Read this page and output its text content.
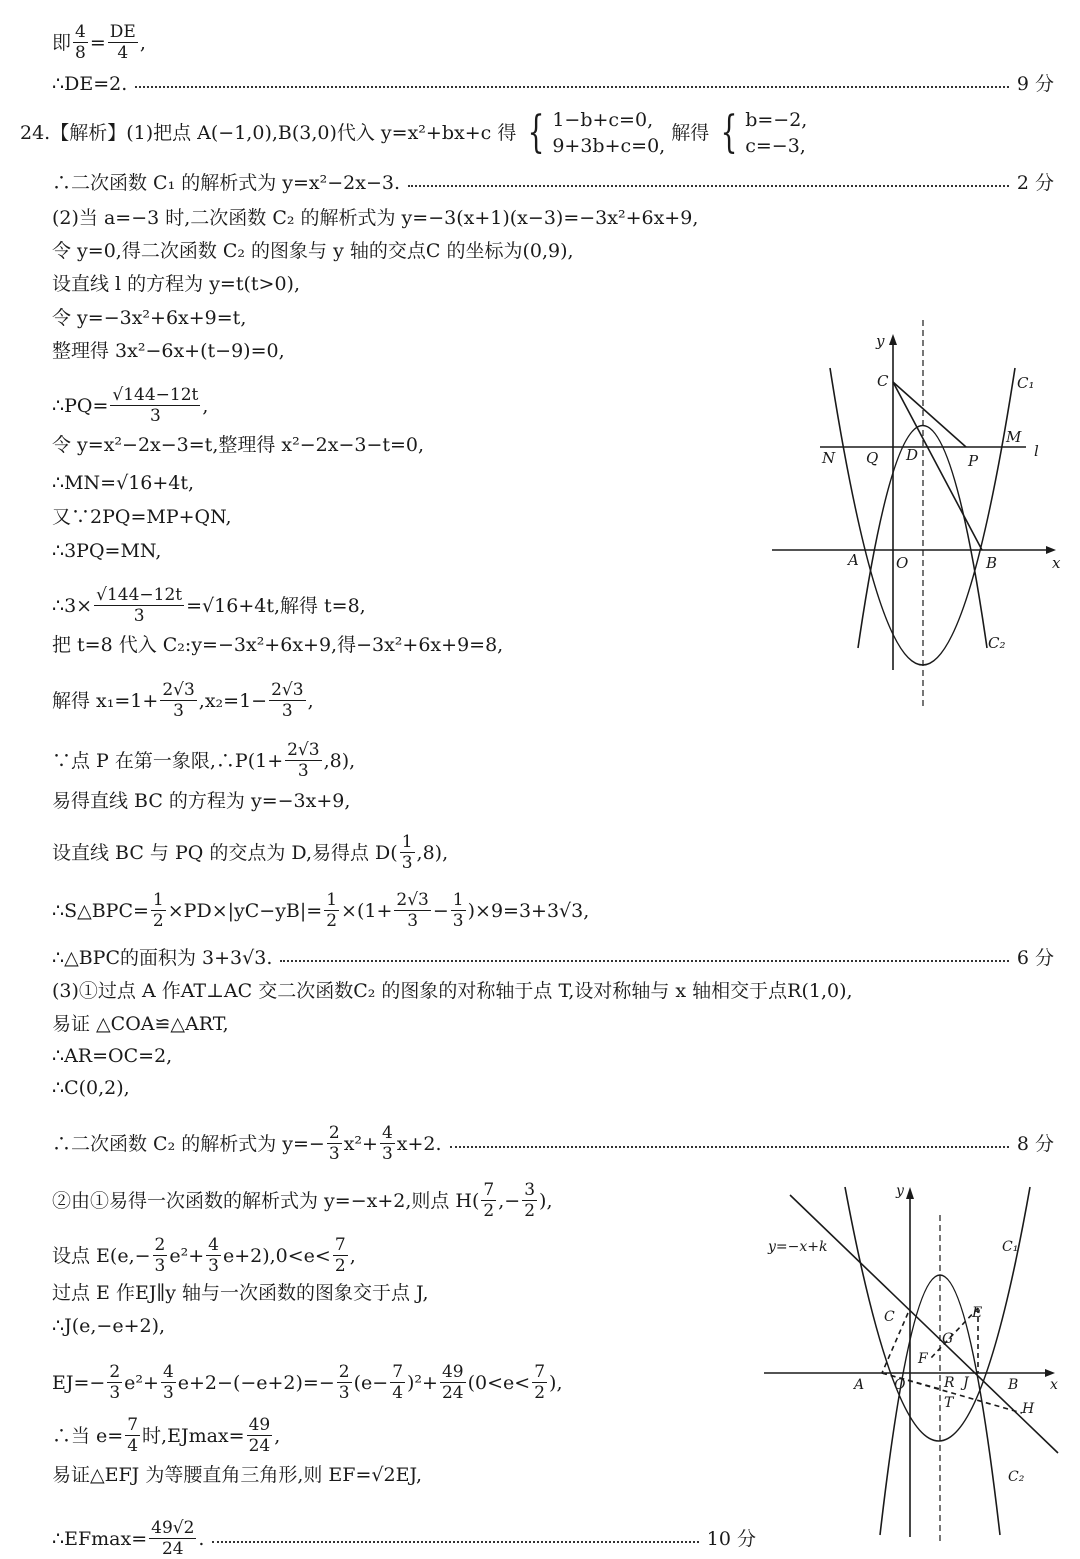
即 $\frac{4}{8} = \frac{DE}{4}$ ,
∴DE=2.	9 分
24.【解析】(1)把点 A(−1,0),B(3,0)代入 y=x²+bx+c 得 { 1−b+c=0,
9+3b+c=0,
解得 { b=−2,
c=−3,
∴二次函数 C₁ 的解析式为 y=x²−2x−3.	2 分
(2)当 a=−3 时,二次函数 C₂ 的解析式为 y=−3(x+1)(x−3)=−3x²+6x+9,
令 y=0,得二次函数 C₂ 的图象与 y 轴的交点C 的坐标为(0,9),
设直线 l 的方程为 y=t(t>0),
令 y=−3x²+6x+9=t,
整理得 3x²−6x+(t−9)=0,
∴PQ= $\frac{√144-12t}{3}$ ,
令 y=x²−2x−3=t,整理得 x²−2x−3−t=0,
∴MN=√16+4t,
又∵2PQ=MP+QN,
∴3PQ=MN,
∴3× $\frac{√144-12t}{3} =√16+4t$,解得 t=8,
把 t=8 代入 C₂:y=−3x²+6x+9,得−3x²+6x+9=8,
解得 $x_1=1+ \frac{2√3}{3} ,x_2=1- \frac{2√3}{3}$ ,
∵点 P 在第一象限,∴P(1+ $\frac{2√3}{3} ,8$),
易得直线 BC 的方程为 y=−3x+9,
设直线 BC 与 PQ 的交点为 D,易得点 $D( \frac{1}{3} ,8)$,
∴S△BPC= $\frac{1}{2} \times PD\times|yC-yB|= \frac{1}{2} \times(1+ \frac{2√3}{3} - \frac{1}{3} )\times 9=3+3√3$,
∴△BPC的面积为 3+3√3.	6 分
(3)①过点 A 作AT⊥AC 交二次函数C₂ 的图象的对称轴于点 T,设对称轴与 x 轴相交于点R(1,0),
易证 △COA≌△ART,
∴AR=OC=2,
∴C(0,2),
∴二次函数 C₂ 的解析式为 $y=- \frac{2}{3} x^2+ \frac{4}{3} x+2$.	8 分
②由①易得一次函数的解析式为 y=−x+2,则点 $H( \frac{7}{2}$ ,− $\frac{3}{2}$ ),
设点 $E(e,- \frac{2}{3} e^2+ \frac{4}{3} e+2),0<e< \frac{7}{2}$ ,
过点 E 作EJ∥y 轴与一次函数的图象交于点 J,
∴J(e,−e+2),
$EJ=- \frac{2}{3} e^2+ \frac{4}{3} e+2-(-e+2)=- \frac{2}{3} (e- \frac{7}{4} )^2+ \frac{49}{24} (0<e< \frac{7}{2}$ ),
∴当 $e= \frac{7}{4}$ 时$,EJmax= \frac{49}{24}$ ,
易证△EFJ 为等腰直角三角形,则 EF=√2EJ,
∴EFmax= $\frac{49√2}{24}$ .	10 分
y
x
C	C₁
M
l
N Q D	P
A O	B
C₂
y
x
y=−x+k	C₁
C	E
G
F
A O	R J	B
T	H
C₂
